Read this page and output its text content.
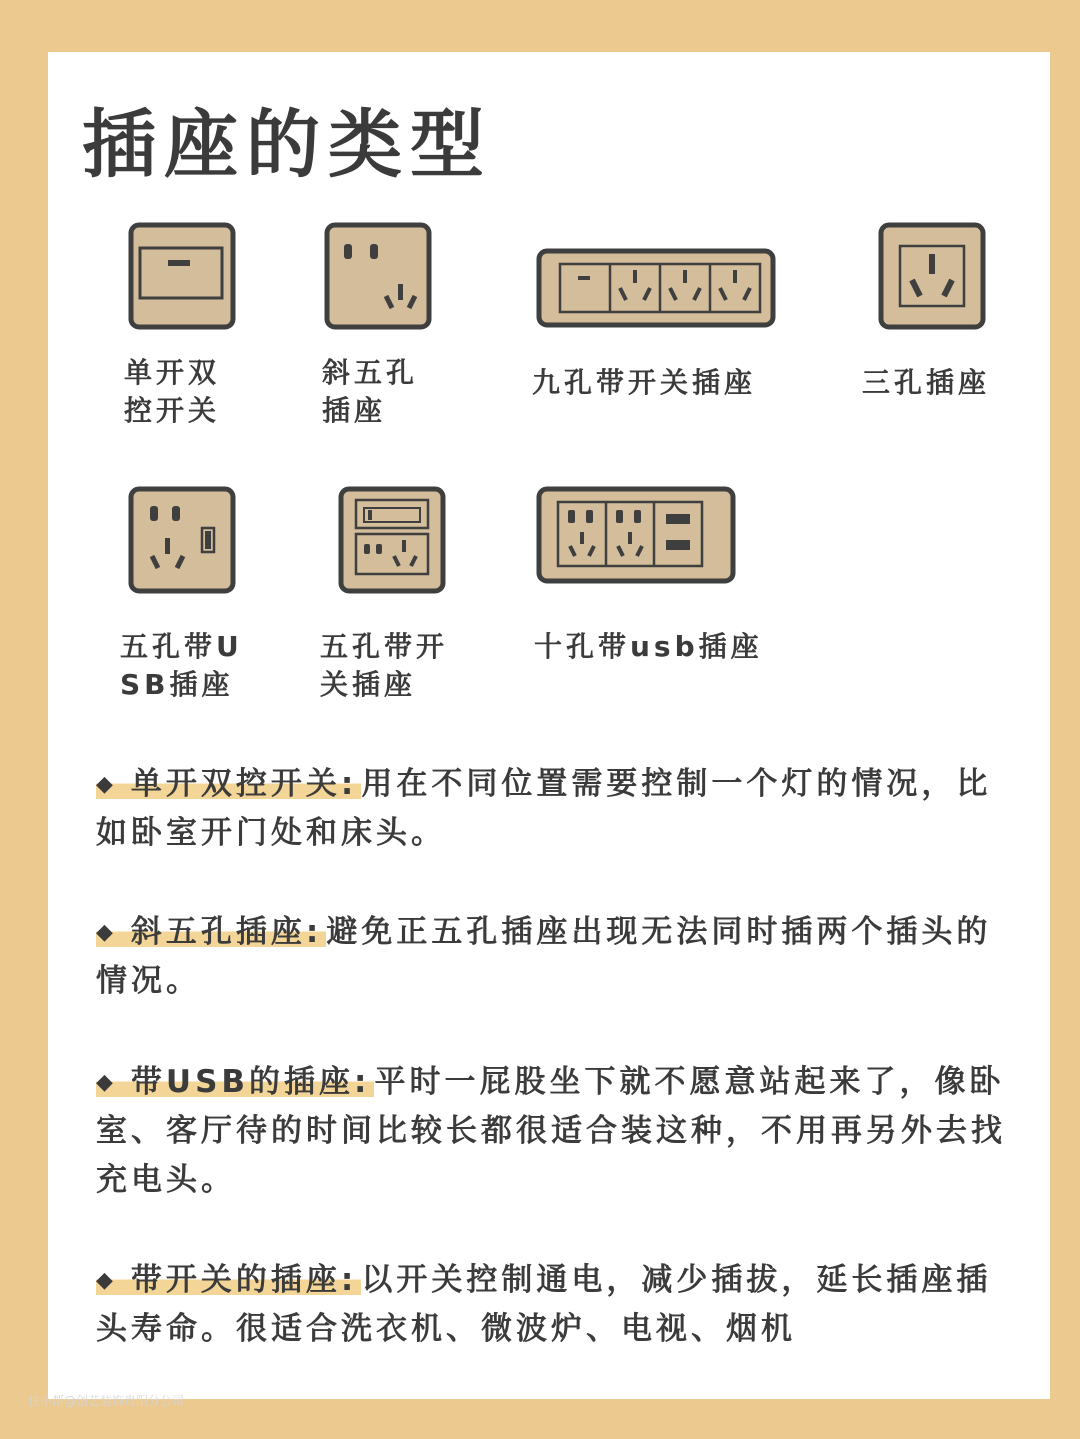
插座的类型
单开双
控开关
斜五孔
插座
九孔带开关插座	三孔插座
五孔带U
SB插座
五孔带开
关插座
十孔带usb插座

◆ 单开双控开关: 用在不同位置需要控制一个灯的情况，比如卧室开门处和床头。

◆ 斜五孔插座: 避免正五孔插座出现无法同时插两个插头的情况。

◆ 带USB的插座: 平时一屁股坐下就不愿意站起来了，像卧室、客厅待的时间比较长都很适合装这种，不用再另外去找充电头。

◆ 带开关的插座: 以开关控制通电，减少插拔，延长插座插头寿命。很适合洗衣机、微波炉、电视、烟机

住小帮@创艺装饰贵阳分公司
